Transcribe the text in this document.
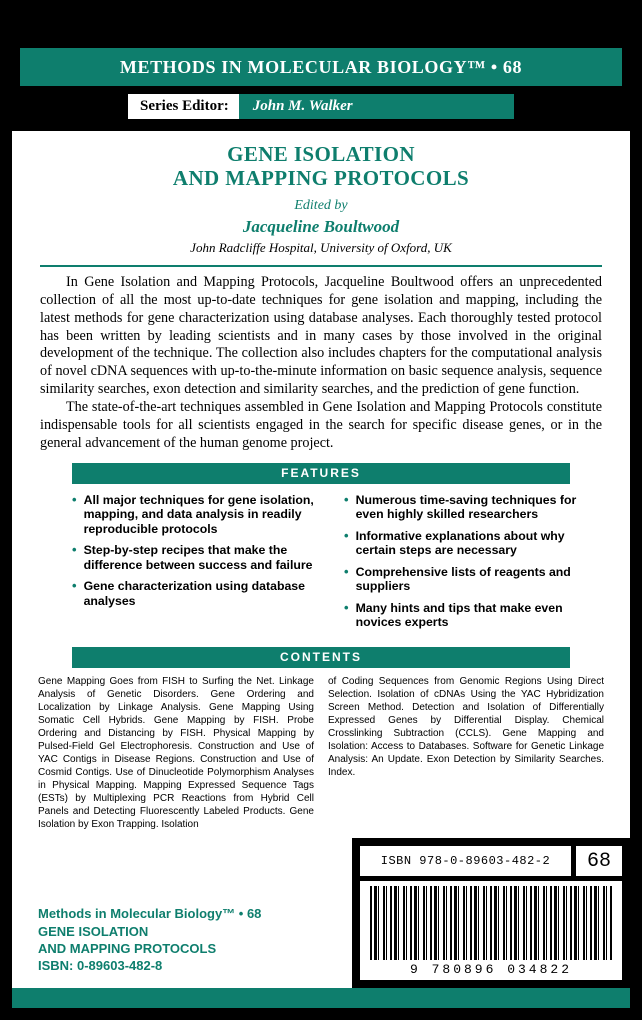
METHODS IN MOLECULAR BIOLOGY™ • 68
Series Editor:	John M. Walker
GENE ISOLATION
AND MAPPING PROTOCOLS
Edited by
Jacqueline Boultwood
John Radcliffe Hospital, University of Oxford, UK

In Gene Isolation and Mapping Protocols, Jacqueline Boultwood offers an unprecedented collection of all the most up-to-date techniques for gene isolation and mapping, including the latest methods for gene characterization using database analyses. Each thoroughly tested protocol has been written by leading scientists and in many cases by those involved in the original development of the technique. The collection also includes chapters for the computational analysis of novel cDNA sequences with up-to-the-minute information on basic sequence analysis, sequence similarity searches, exon detection and similarity searches, and the prediction of gene function.

The state-of-the-art techniques assembled in Gene Isolation and Mapping Protocols constitute indispensable tools for all scientists engaged in the search for specific disease genes, or in the general advancement of the human genome project.

FEATURES
• All major techniques for gene isolation, mapping, and data analysis in readily reproducible protocols
• Step-by-step recipes that make the difference between success and failure
• Gene characterization using database analyses
• Numerous time-saving techniques for even highly skilled researchers
• Informative explanations about why certain steps are necessary
• Comprehensive lists of reagents and suppliers
• Many hints and tips that make even novices experts
CONTENTS
Gene Mapping Goes from FISH to Surfing the Net. Linkage Analysis of Genetic Disorders. Gene Ordering and Localization by Linkage Analysis. Gene Mapping Using Somatic Cell Hybrids. Gene Mapping by FISH. Probe Ordering and Distancing by FISH. Physical Mapping by Pulsed-Field Gel Electrophoresis. Construction and Use of YAC Contigs in Disease Regions. Construction and Use of Cosmid Contigs. Use of Dinucleotide Polymorphism Analyses in Physical Mapping. Mapping Expressed Sequence Tags (ESTs) by Multiplexing PCR Reactions from Hybrid Cell Panels and Detecting Fluorescently Labeled Products. Gene Isolation by Exon Trapping. Isolation
of Coding Sequences from Genomic Regions Using Direct Selection. Isolation of cDNAs Using the YAC Hybridization Screen Method. Detection and Isolation of Differentially Expressed Genes by Differential Display. Chemical Crosslinking Subtraction (CCLS). Gene Mapping and Isolation: Access to Databases. Software for Genetic Linkage Analysis: An Update. Exon Detection by Similarity Searches. Index.
Methods in Molecular Biology™ • 68
GENE ISOLATION
AND MAPPING PROTOCOLS
ISBN: 0-89603-482-8
ISBN 978-0-89603-482-2	68
9 780896 034822
